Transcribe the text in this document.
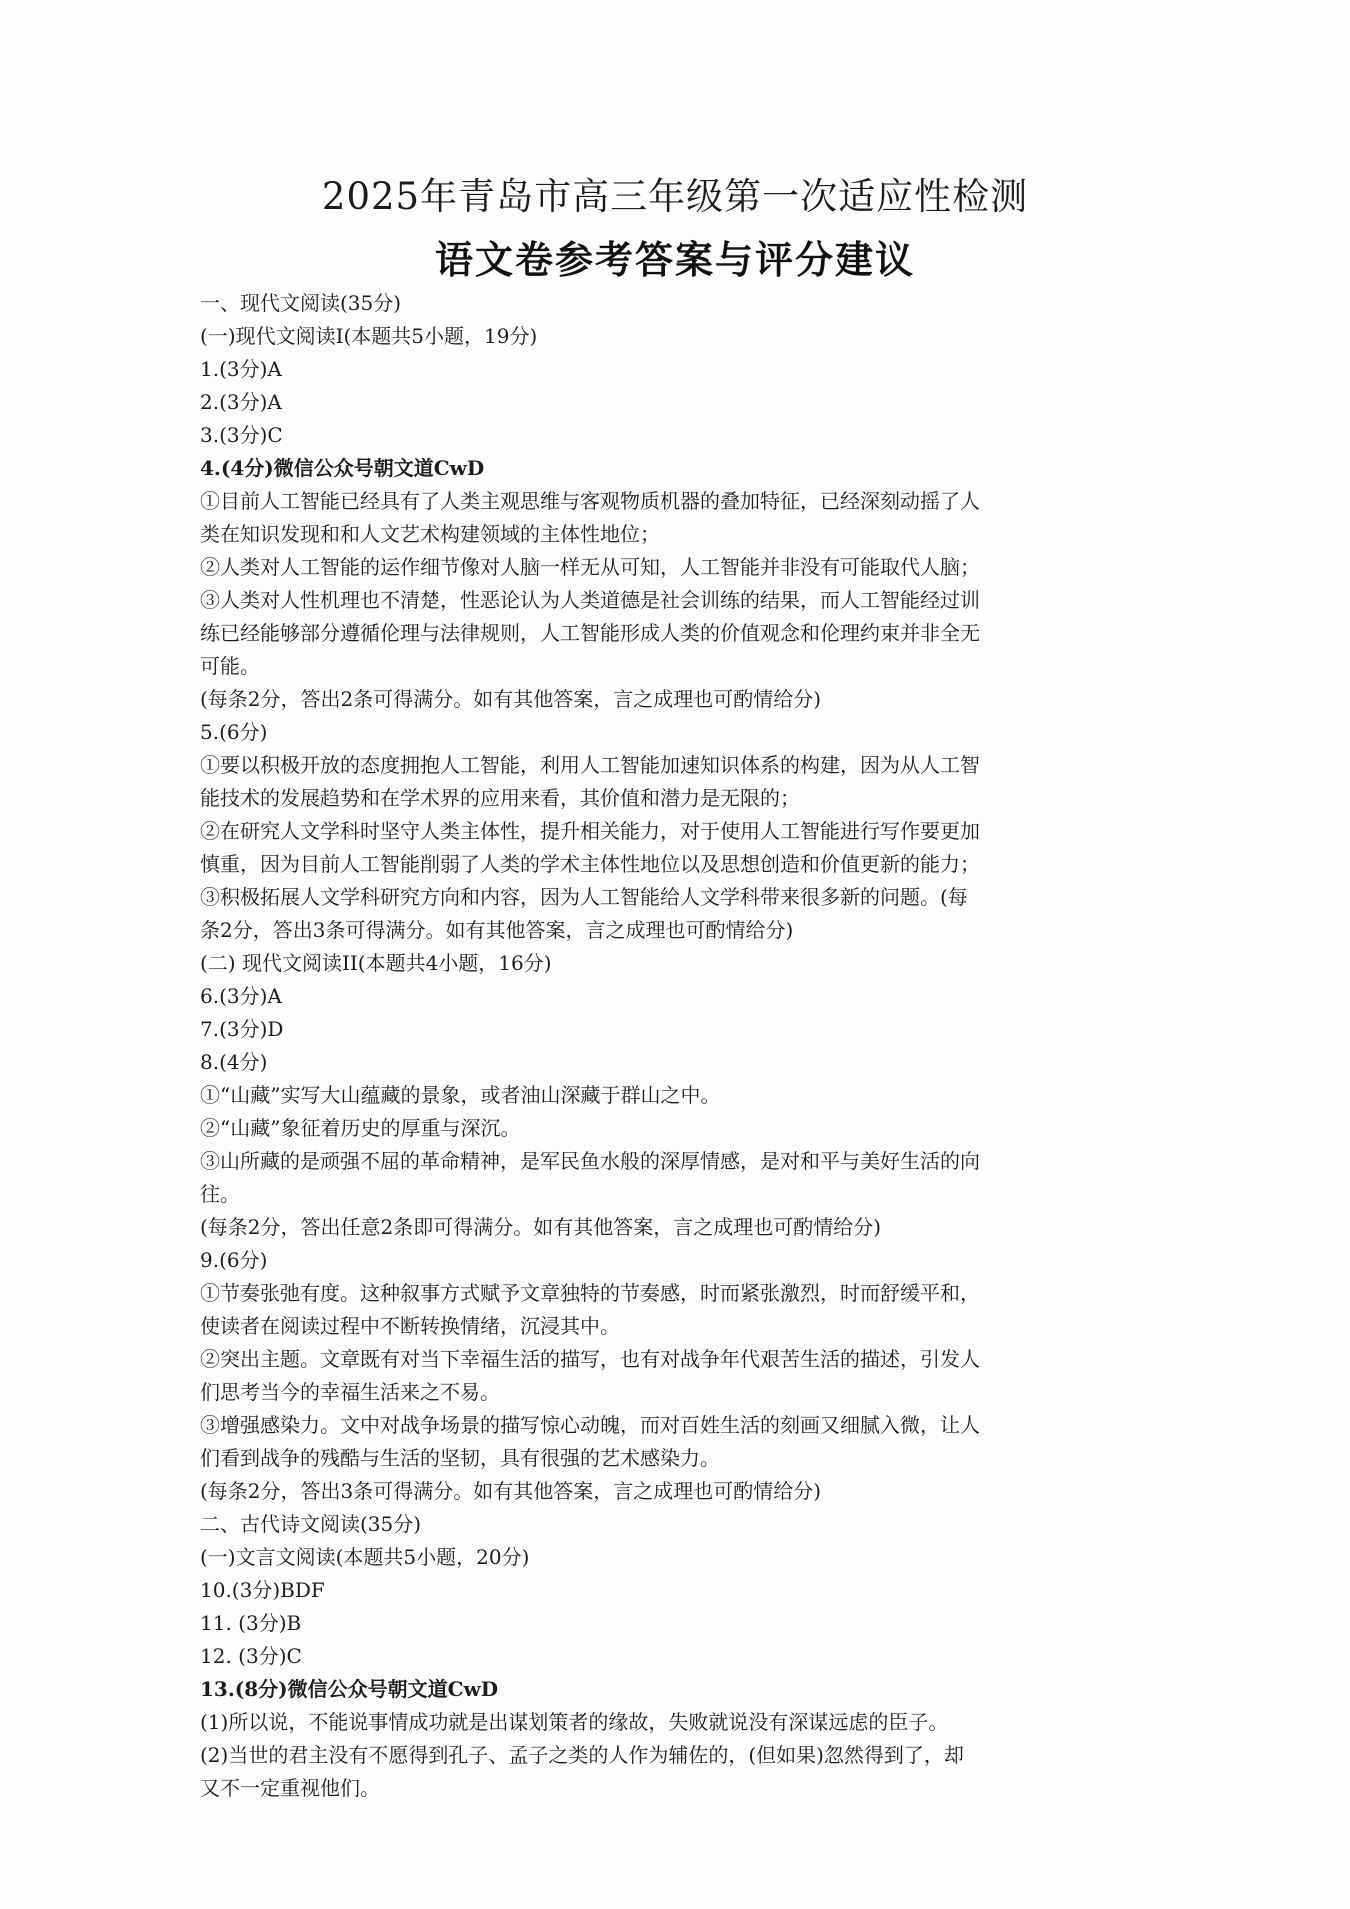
2025年青岛市高三年级第一次适应性检测
语文卷参考答案与评分建议
一、现代文阅读(35分)
(一)现代文阅读I(本题共5小题，19分)
1.(3分)A
2.(3分)A
3.(3分)C
4.(4分)微信公众号朝文道CwD
①目前人工智能已经具有了人类主观思维与客观物质机器的叠加特征，已经深刻动摇了人
类在知识发现和和人文艺术构建领域的主体性地位；
②人类对人工智能的运作细节像对人脑一样无从可知，人工智能并非没有可能取代人脑；
③人类对人性机理也不清楚，性恶论认为人类道德是社会训练的结果，而人工智能经过训
练已经能够部分遵循伦理与法律规则，人工智能形成人类的价值观念和伦理约束并非全无
可能。
(每条2分，答出2条可得满分。如有其他答案，言之成理也可酌情给分)
5.(6分)
①要以积极开放的态度拥抱人工智能，利用人工智能加速知识体系的构建，因为从人工智
能技术的发展趋势和在学术界的应用来看，其价值和潜力是无限的；
②在研究人文学科时坚守人类主体性，提升相关能力，对于使用人工智能进行写作要更加
慎重，因为目前人工智能削弱了人类的学术主体性地位以及思想创造和价值更新的能力；
③积极拓展人文学科研究方向和内容，因为人工智能给人文学科带来很多新的问题。(每
条2分，答出3条可得满分。如有其他答案，言之成理也可酌情给分)
(二) 现代文阅读II(本题共4小题，16分)
6.(3分)A
7.(3分)D
8.(4分)
①“山藏”实写大山蕴藏的景象，或者油山深藏于群山之中。
②“山藏”象征着历史的厚重与深沉。
③山所藏的是顽强不屈的革命精神，是军民鱼水般的深厚情感，是对和平与美好生活的向
往。
(每条2分，答出任意2条即可得满分。如有其他答案，言之成理也可酌情给分)
9.(6分)
①节奏张弛有度。这种叙事方式赋予文章独特的节奏感，时而紧张激烈，时而舒缓平和，
使读者在阅读过程中不断转换情绪，沉浸其中。
②突出主题。文章既有对当下幸福生活的描写，也有对战争年代艰苦生活的描述，引发人
们思考当今的幸福生活来之不易。
③增强感染力。文中对战争场景的描写惊心动魄，而对百姓生活的刻画又细腻入微，让人
们看到战争的残酷与生活的坚韧，具有很强的艺术感染力。
(每条2分，答出3条可得满分。如有其他答案，言之成理也可酌情给分)
二、古代诗文阅读(35分)
(一)文言文阅读(本题共5小题，20分)
10.(3分)BDF
11. (3分)B
12. (3分)C
13.(8分)微信公众号朝文道CwD
(1)所以说，不能说事情成功就是出谋划策者的缘故，失败就说没有深谋远虑的臣子。
(2)当世的君主没有不愿得到孔子、孟子之类的人作为辅佐的，(但如果)忽然得到了，却
又不一定重视他们。
